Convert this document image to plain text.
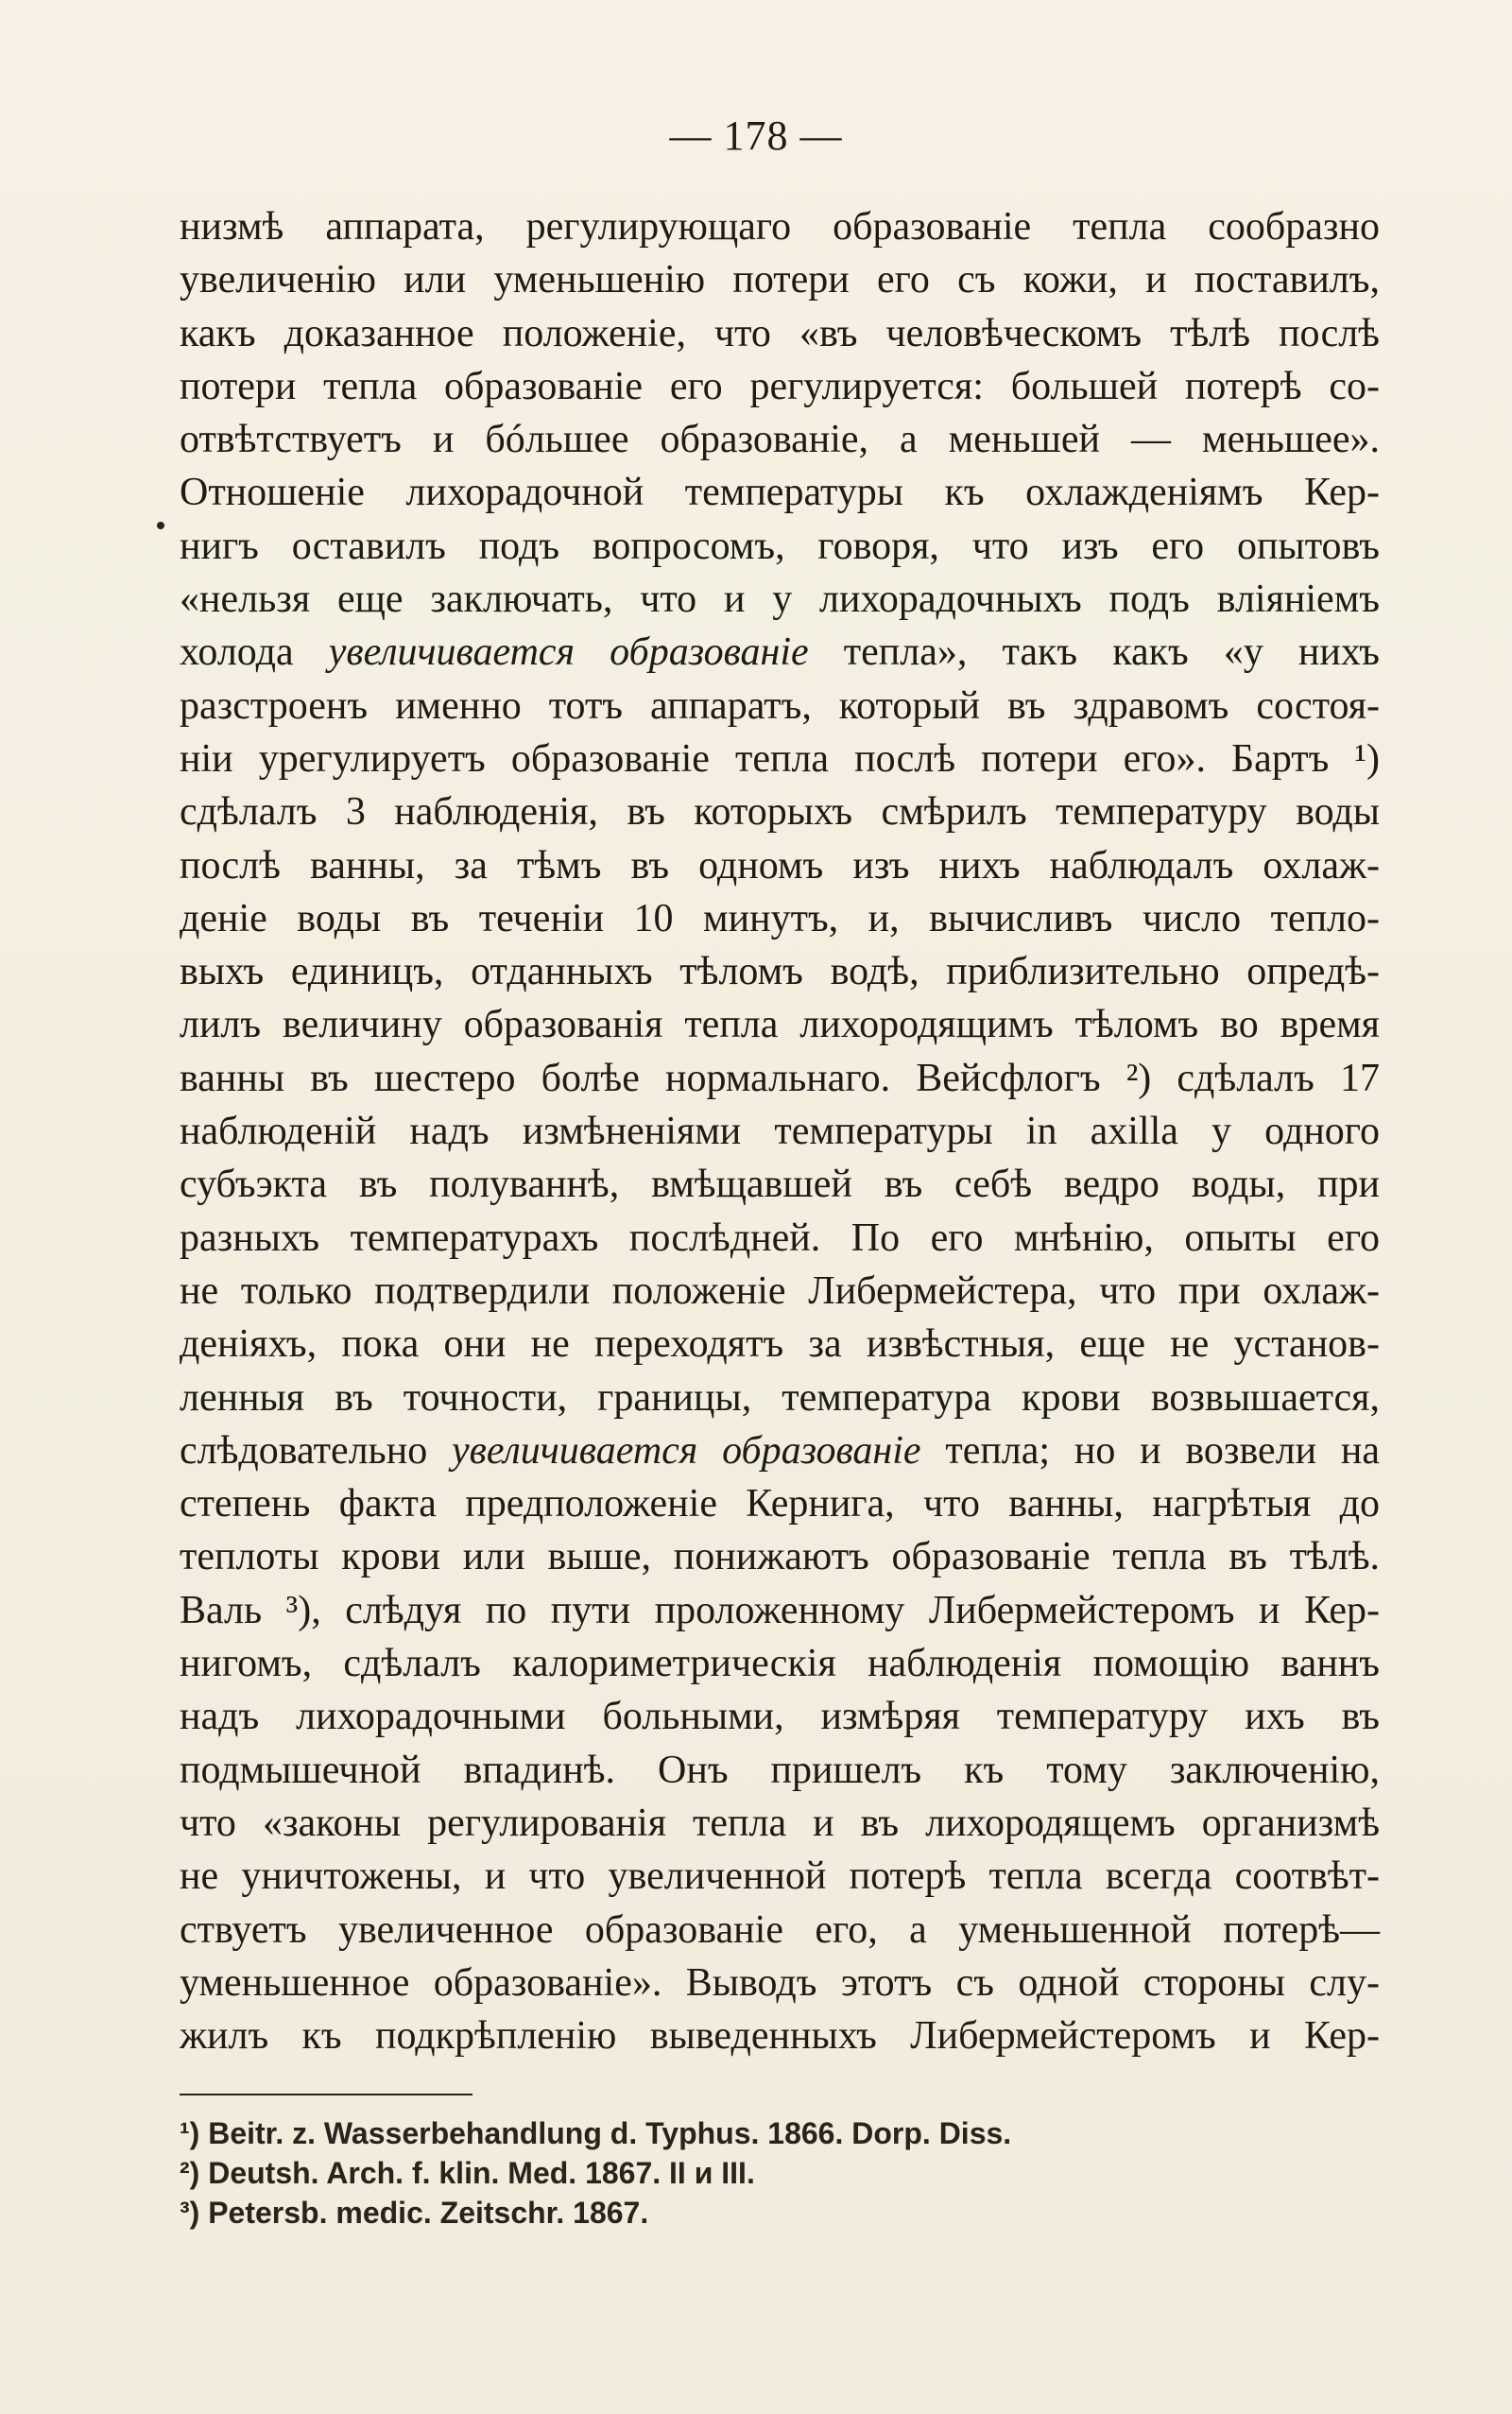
— 178 —
низмѣ аппарата, регулирующаго образованіе тепла сообразно
увеличенію или уменьшенію потери его съ кожи, и поставилъ,
какъ доказанное положеніе, что «въ человѣческомъ тѣлѣ послѣ
потери тепла образованіе его регулируется: большей потерѣ со-
отвѣтствуетъ и бóльшее образованіе, а меньшей — меньшее».
Отношеніе лихорадочной температуры къ охлажденіямъ Кер-
нигъ оставилъ подъ вопросомъ, говоря, что изъ его опытовъ
«нельзя еще заключать, что и у лихорадочныхъ подъ вліяніемъ
холода увеличивается образованіе тепла», такъ какъ «у нихъ
разстроенъ именно тотъ аппаратъ, который въ здравомъ состоя-
ніи урегулируетъ образованіе тепла послѣ потери его». Бартъ ¹)
сдѣлалъ 3 наблюденія, въ которыхъ смѣрилъ температуру воды
послѣ ванны, за тѣмъ въ одномъ изъ нихъ наблюдалъ охлаж-
деніе воды въ теченіи 10 минутъ, и, вычисливъ число тепло-
выхъ единицъ, отданныхъ тѣломъ водѣ, приблизительно опредѣ-
лилъ величину образованія тепла лихородящимъ тѣломъ во время
ванны въ шестеро болѣе нормальнаго. Вейсфлогъ ²) сдѣлалъ 17
наблюденій надъ измѣненіями температуры in axilla у одного
субъэкта въ полуваннѣ, вмѣщавшей въ себѣ ведро воды, при
разныхъ температурахъ послѣдней. По его мнѣнію, опыты его
не только подтвердили положеніе Либермейстера, что при охлаж-
деніяхъ, пока они не переходятъ за извѣстныя, еще не установ-
ленныя въ точности, границы, температура крови возвышается,
слѣдовательно увеличивается образованіе тепла; но и возвели на
степень факта предположеніе Кернига, что ванны, нагрѣтыя до
теплоты крови или выше, понижаютъ образованіе тепла въ тѣлѣ.
Валь ³), слѣдуя по пути проложенному Либермейстеромъ и Кер-
нигомъ, сдѣлалъ калориметрическія наблюденія помощію ваннъ
надъ лихорадочными больными, измѣряя температуру ихъ въ
подмышечной впадинѣ. Онъ пришелъ къ тому заключенію,
что «законы регулированія тепла и въ лихородящемъ организмѣ
не уничтожены, и что увеличенной потерѣ тепла всегда соотвѣт-
ствуетъ увеличенное образованіе его, а уменьшенной потерѣ—
уменьшенное образованіе». Выводъ этотъ съ одной стороны слу-
жилъ къ подкрѣпленію выведенныхъ Либермейстеромъ и Кер-
¹) Beitr. z. Wasserbehandlung d. Typhus. 1866. Dorp. Diss.
²) Deutsh. Arch. f. klin. Med. 1867. II и III.
³) Petersb. medic. Zeitschr. 1867.
